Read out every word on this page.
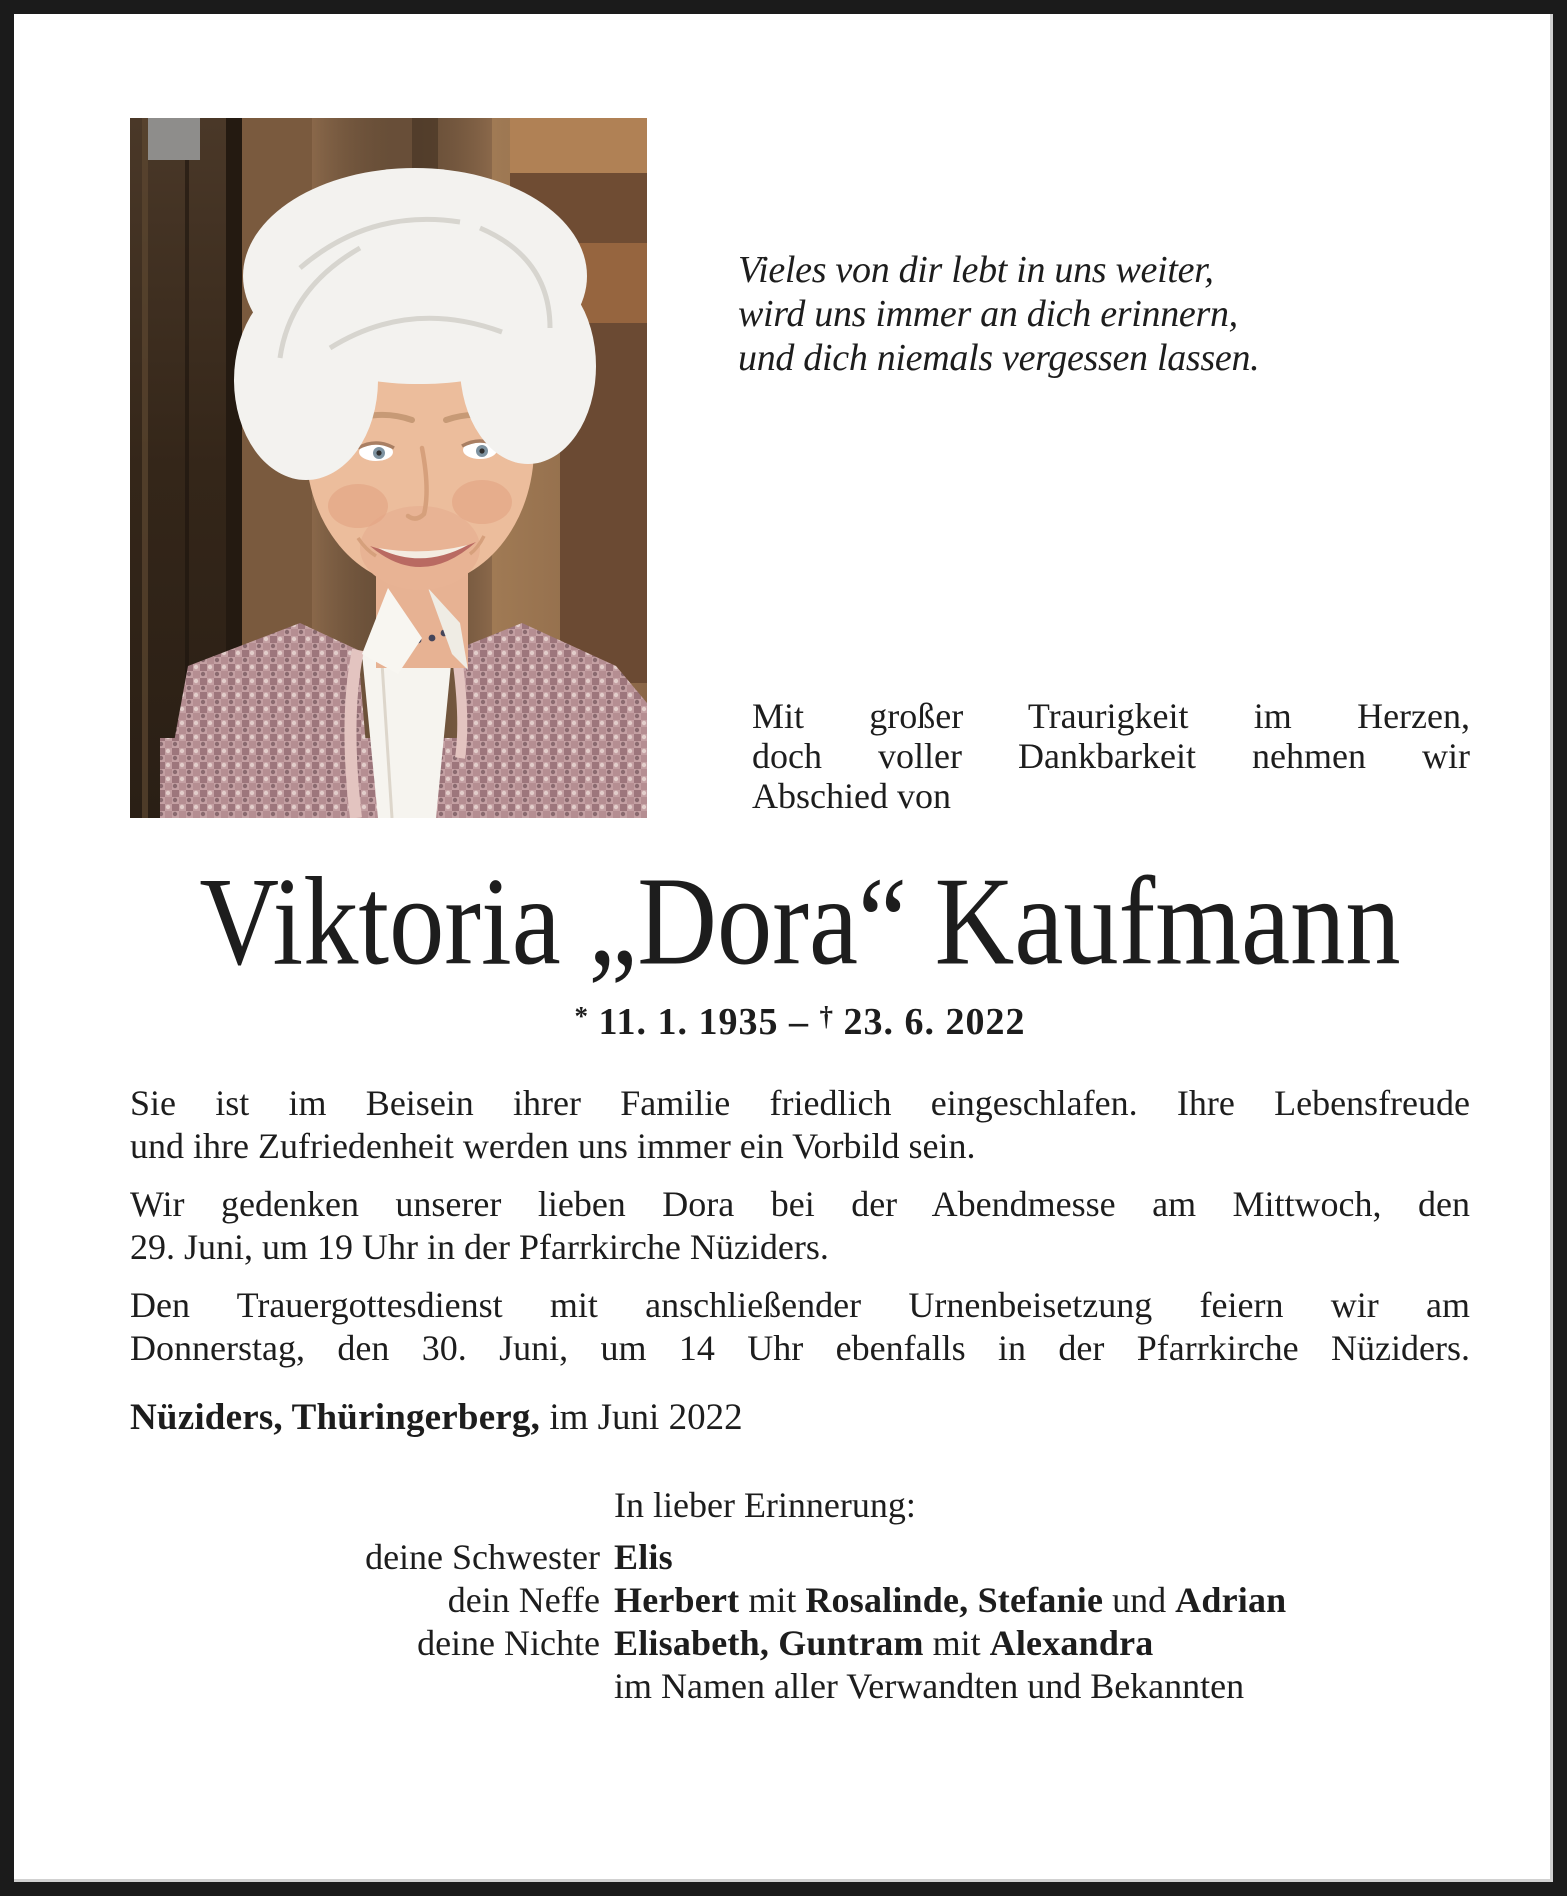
Vieles von dir lebt in uns weiter,
wird uns immer an dich erinnern,
und dich niemals vergessen lassen.
Mit großer Traurigkeit im Herzen,
doch voller Dankbarkeit nehmen wir
Abschied von
Viktoria „Dora“ Kaufmann
* 11. 1. 1935 – † 23. 6. 2022
Sie ist im Beisein ihrer Familie friedlich eingeschlafen. Ihre Lebensfreude
und ihre Zufriedenheit werden uns immer ein Vorbild sein.
Wir gedenken unserer lieben Dora bei der Abendmesse am Mittwoch, den
29. Juni, um 19 Uhr in der Pfarrkirche Nüziders.
Den Trauergottesdienst mit anschließender Urnenbeisetzung feiern wir am
Donnerstag, den 30. Juni, um 14 Uhr ebenfalls in der Pfarrkirche Nüziders.
Nüziders, Thüringerberg, im Juni 2022
In lieber Erinnerung:
deine Schwester Elis
dein Neffe Herbert mit Rosalinde, Stefanie und Adrian
deine Nichte Elisabeth, Guntram mit Alexandra
im Namen aller Verwandten und Bekannten
